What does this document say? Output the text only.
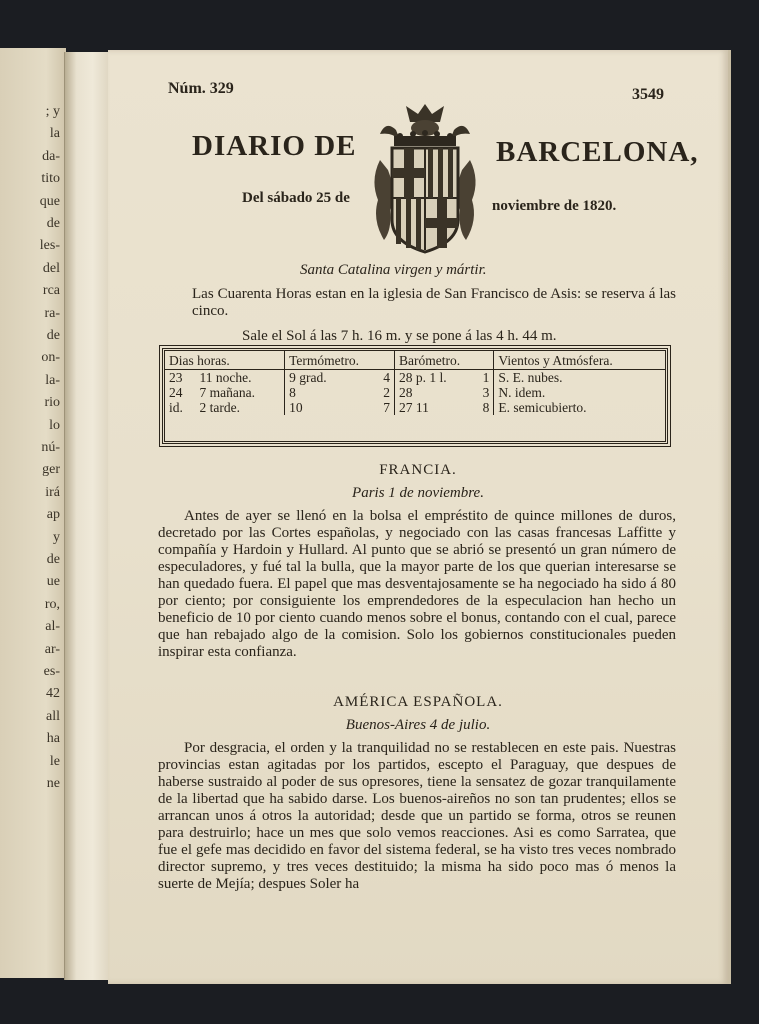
; y
la
da-
tito
que
de
les-
del
rca
ra-
de
on-
la-
rio
lo
nú-
ger
irá
ap
y
de
ue
ro,
al-
ar-
es-
42
all
ha
le
ne
Núm. 329	3549
DIARIO DE	BARCELONA,
Del sábado 25 de	noviembre de 1820.
Santa Catalina virgen y mártir.
Las Cuarenta Horas estan en la iglesia de San Francisco de Asis: se reserva á las cinco.
Sale el Sol á las 7 h. 16 m. y se pone á las 4 h. 44 m.
Dias horas.		Termómetro.		Barómetro.		Vientos y Atmósfera.
23	11 noche.	9 grad.	4	28 p. 1 l.	1	S. E. nubes.
24	7 mañana.	8	2	28	3	N. idem.
id.	2 tarde.	10	7	27 11	8	E. semicubierto.
FRANCIA.
Paris 1 de noviembre.
Antes de ayer se llenó en la bolsa el empréstito de quince millones de duros, decretado por las Cortes españolas, y negociado con las casas francesas Laffitte y compañía y Hardoin y Hullard. Al punto que se abrió se presentó un gran número de especuladores, y fué tal la bulla, que la mayor parte de los que querian interesarse se han quedado fuera. El papel que mas desventajosamente se ha negociado ha sido á 80 por ciento; por consiguiente los emprendedores de la especulacion han hecho un beneficio de 10 por ciento cuando menos sobre el bonus, contando con el cual, parece que han rebajado algo de la comision. Solo los gobiernos constitucionales pueden inspirar esta confianza.
AMÉRICA ESPAÑOLA.
Buenos-Aires 4 de julio.
Por desgracia, el orden y la tranquilidad no se restablecen en este pais. Nuestras provincias estan agitadas por los partidos, escepto el Paraguay, que despues de haberse sustraido al poder de sus opresores, tiene la sensatez de gozar tranquilamente de la libertad que ha sabido darse. Los buenos-aireños no son tan prudentes; ellos se arrancan unos á otros la autoridad; desde que un partido se forma, otros se reunen para destruirlo; hace un mes que solo vemos reacciones. Asi es como Sarratea, que fue el gefe mas decidido en favor del sistema federal, se ha visto tres veces nombrado director supremo, y tres veces destituido; la misma ha sido poco mas ó menos la suerte de Mejía; despues Soler ha
